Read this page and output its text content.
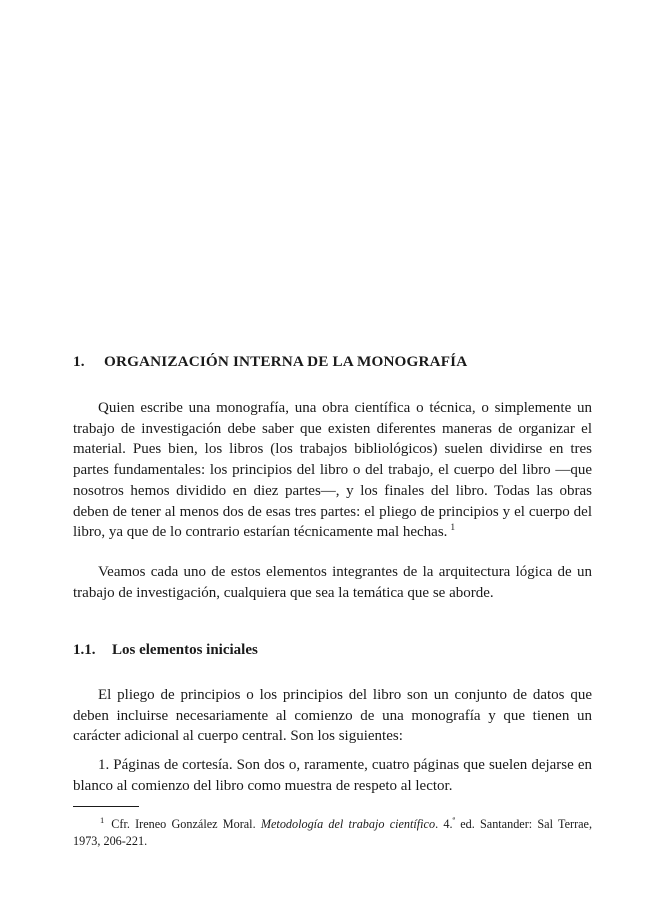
1. ORGANIZACIÓN INTERNA DE LA MONOGRAFÍA

Quien escribe una monografía, una obra científica o técnica, o simplemente un trabajo de investigación debe saber que existen diferentes maneras de organizar el material. Pues bien, los libros (los trabajos bibliológicos) suelen dividirse en tres partes fundamentales: los principios del libro o del trabajo, el cuerpo del libro —que nosotros hemos dividido en diez partes—, y los finales del libro. Todas las obras deben de tener al menos dos de esas tres partes: el pliego de principios y el cuerpo del libro, ya que de lo contrario estarían técnicamente mal hechas. $^1$

Veamos cada uno de estos elementos integrantes de la arquitectura lógica de un trabajo de investigación, cualquiera que sea la temática que se aborde.

1.1. Los elementos iniciales

El pliego de principios o los principios del libro son un conjunto de datos que deben incluirse necesariamente al comienzo de una monografía y que tienen un carácter adicional al cuerpo central. Son los siguientes:

1. Páginas de cortesía. Son dos o, raramente, cuatro páginas que suelen dejarse en blanco al comienzo del libro como muestra de respeto al lector.

$^1$ Cfr. Ireneo González Moral. Metodología del trabajo científico. 4.$^ª$ ed. Santander: Sal Terrae, 1973, 206-221.
